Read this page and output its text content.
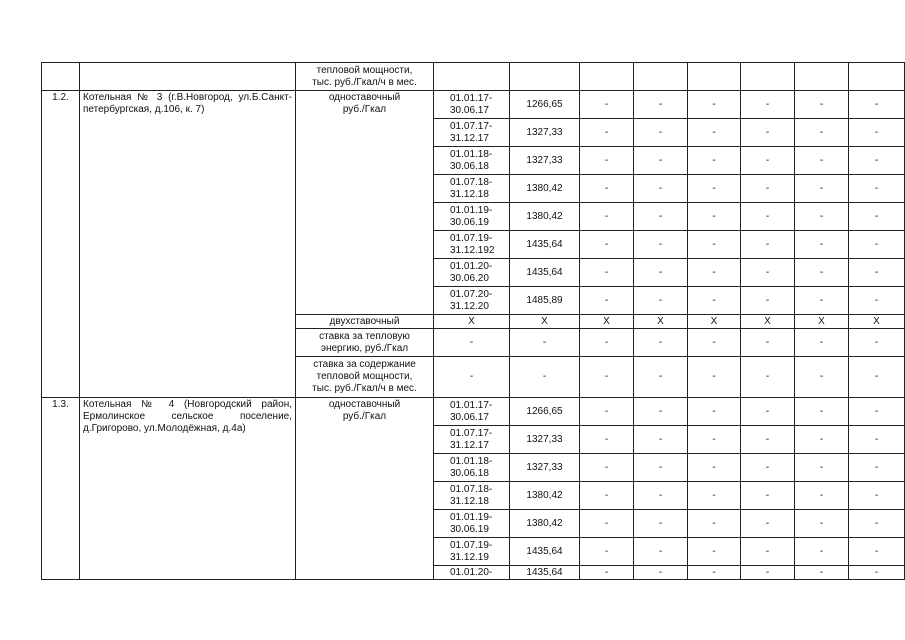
		тепловой мощности,
тыс. руб./Гкал/ч в мес.								
1.2.	Котельная № 3 (г.В.Новгород, ул.Б.Санкт-петербургская, д.106, к. 7)	одноставочный
руб./Гкал	01.01.17-
30.06.17	1266,65	-	-	-	-	-	-
			01.07.17-
31.12.17	1327,33	-	-	-	-	-	-
			01.01.18-
30.06.18	1327,33	-	-	-	-	-	-
			01.07.18-
31.12.18	1380,42	-	-	-	-	-	-
			01.01.19-
30.06.19	1380,42	-	-	-	-	-	-
			01.07.19-
31.12.192	1435,64	-	-	-	-	-	-
			01.01.20-
30.06.20	1435,64	-	-	-	-	-	-
			01.07.20-
31.12.20	1485,89	-	-	-	-	-	-
		двухставочный	Х	Х	Х	Х	Х	Х	Х	Х
		ставка за тепловую
энергию, руб./Гкал	-	-	-	-	-	-	-	-
		ставка за содержание
тепловой мощности,
тыс. руб./Гкал/ч в мес.	-	-	-	-	-	-	-	-
1.3.	Котельная № 4 (Новгородский район, Ермолинское сельское поселение, д.Григорово, ул.Молодёжная, д.4а)	одноставочный
руб./Гкал	01.01.17-
30.06.17	1266,65	-	-	-	-	-	-
			01.07.17-
31.12.17	1327,33	-	-	-	-	-	-
			01.01.18-
30.06.18	1327,33	-	-	-	-	-	-
			01.07.18-
31.12.18	1380,42	-	-	-	-	-	-
			01.01.19-
30.06.19	1380,42	-	-	-	-	-	-
			01.07.19-
31.12.19	1435,64	-	-	-	-	-	-
			01.01.20-	1435,64	-	-	-	-	-	-
